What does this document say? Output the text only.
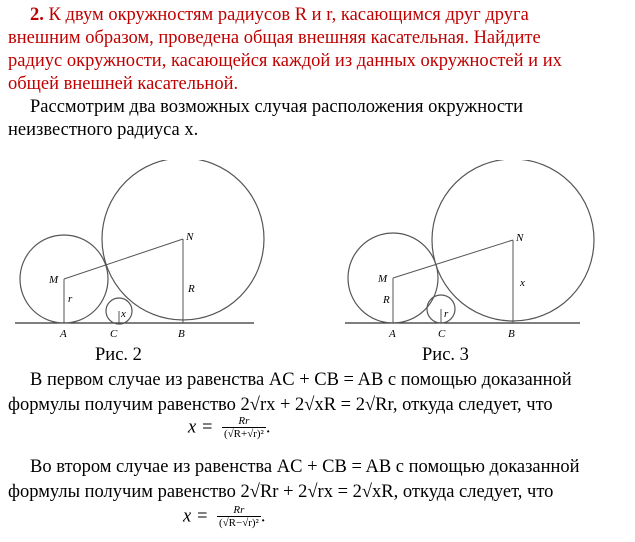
2. К двум окружностям радиусов R и r, касающимся друг друга
внешним образом, проведена общая внешняя касательная. Найдите
радиус окружности, касающейся каждой из данных окружностей и их
общей внешней касательной.
Рассмотрим два возможных случая расположения окружности
неизвестного радиуса x.
M
N
r
R
x
A	C	B
Рис. 2
M
N
R
r
x
A	C	B
Рис. 3
В первом случае из равенства AC + CB = AB с помощью доказанной
формулы получим равенство 2√rx + 2√xR = 2√Rr, откуда следует, что
$x = \frac{Rr}{\text{(√R+√r)²}}$ .
Во втором случае из равенства AC + CB = AB с помощью доказанной
формулы получим равенство 2√Rr + 2√rx = 2√xR, откуда следует, что
$x = \frac{Rr}{\text{(√R−√r)²}}$ .
